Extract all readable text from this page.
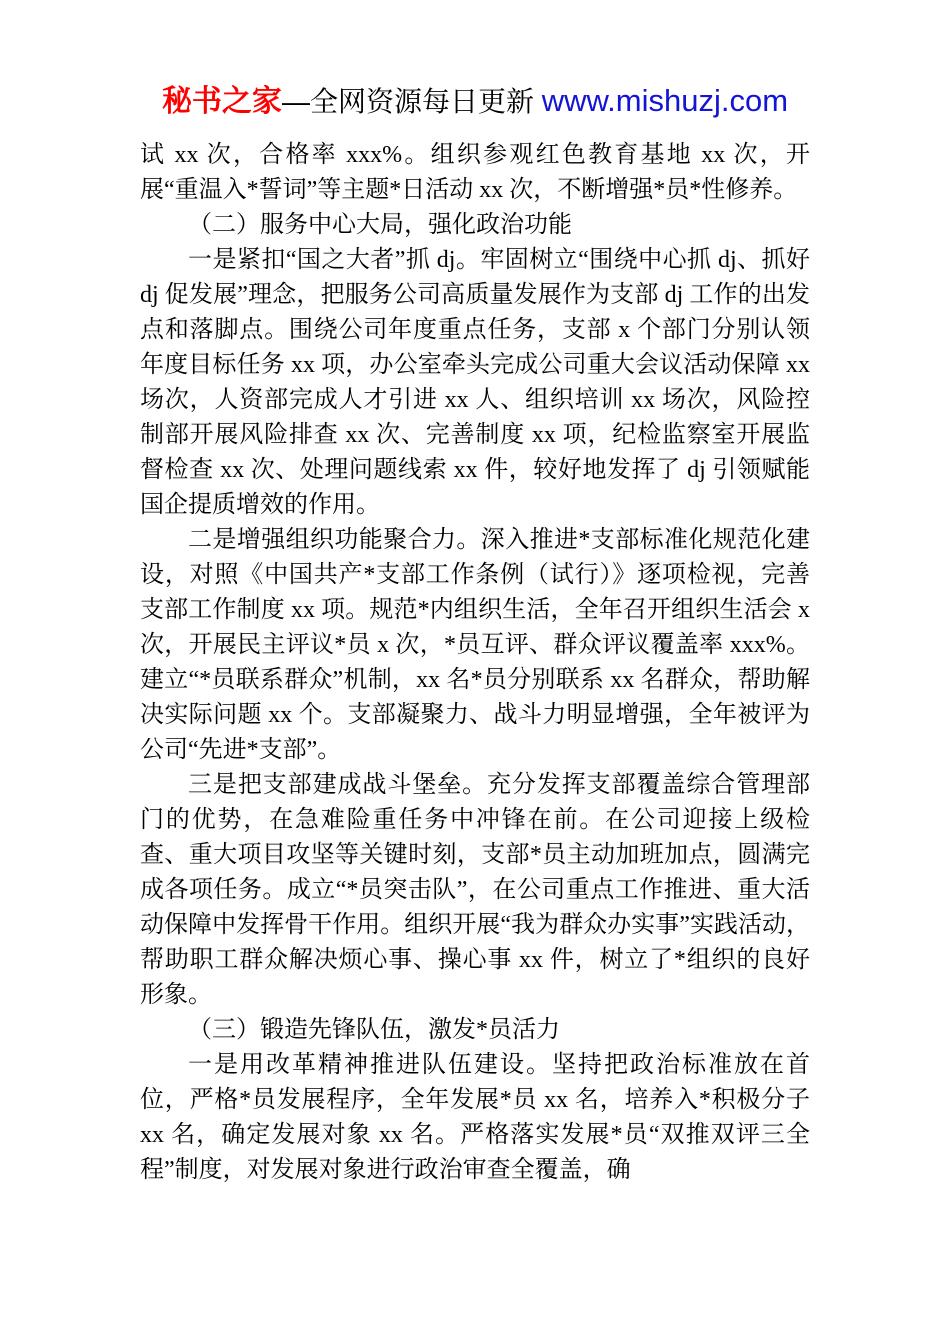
秘书之家—全网资源每日更新 www.mishuzj.com

试 xx 次，合格率 xxx%。组织参观红色教育基地 xx 次，开展“重温入*誓词”等主题*日活动 xx 次，不断增强*员*性修养。

（二）服务中心大局，强化政治功能

一是紧扣“国之大者”抓 dj。牢固树立“围绕中心抓 dj、抓好 dj 促发展”理念，把服务公司高质量发展作为支部 dj 工作的出发点和落脚点。围绕公司年度重点任务，支部 x 个部门分别认领年度目标任务 xx 项，办公室牵头完成公司重大会议活动保障 xx 场次，人资部完成人才引进 xx 人、组织培训 xx 场次，风险控制部开展风险排查 xx 次、完善制度 xx 项，纪检监察室开展监督检查 xx 次、处理问题线索 xx 件，较好地发挥了 dj 引领赋能国企提质增效的作用。

二是增强组织功能聚合力。深入推进*支部标准化规范化建设，对照《中国共产*支部工作条例（试行）》逐项检视，完善支部工作制度 xx 项。规范*内组织生活，全年召开组织生活会 x 次，开展民主评议*员 x 次，*员互评、群众评议覆盖率 xxx%。建立“*员联系群众”机制，xx 名*员分别联系 xx 名群众，帮助解决实际问题 xx 个。支部凝聚力、战斗力明显增强，全年被评为公司“先进*支部”。

三是把支部建成战斗堡垒。充分发挥支部覆盖综合管理部门的优势，在急难险重任务中冲锋在前。在公司迎接上级检查、重大项目攻坚等关键时刻，支部*员主动加班加点，圆满完成各项任务。成立“*员突击队”，在公司重点工作推进、重大活动保障中发挥骨干作用。组织开展“我为群众办实事”实践活动，帮助职工群众解决烦心事、操心事 xx 件，树立了*组织的良好形象。

（三）锻造先锋队伍，激发*员活力

一是用改革精神推进队伍建设。坚持把政治标准放在首位，严格*员发展程序，全年发展*员 xx 名，培养入*积极分子 xx 名，确定发展对象 xx 名。严格落实发展*员“双推双评三全程”制度，对发展对象进行政治审查全覆盖，确
